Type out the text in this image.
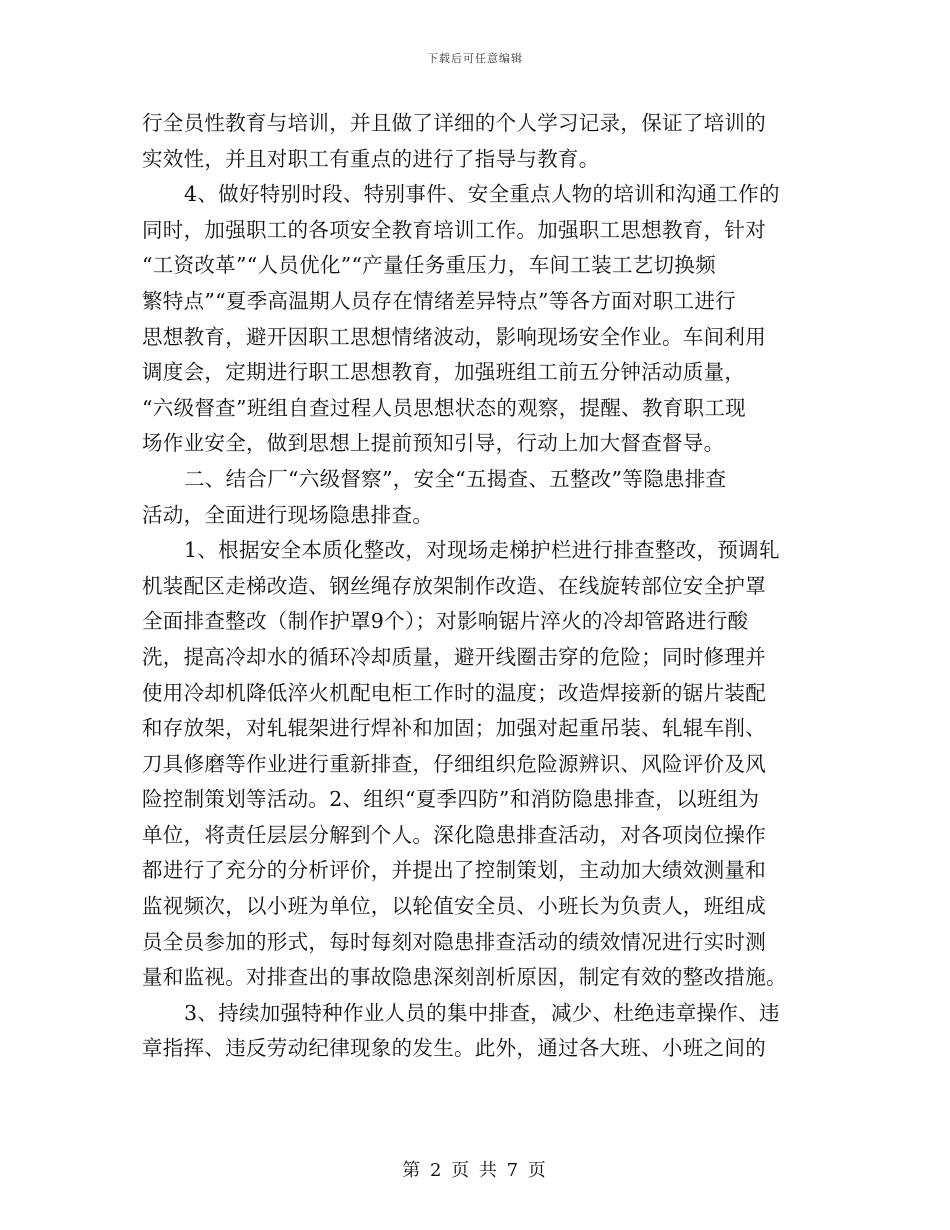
下载后可任意编辑

行全员性教育与培训，并且做了详细的个人学习记录，保证了培训的
实效性，并且对职工有重点的进行了指导与教育。

4、做好特别时段、特别事件、安全重点人物的培训和沟通工作的
同时，加强职工的各项安全教育培训工作。加强职工思想教育，针对
“工资改革”“人员优化”“产量任务重压力，车间工装工艺切换频
繁特点”“夏季高温期人员存在情绪差异特点”等各方面对职工进行
思想教育，避开因职工思想情绪波动，影响现场安全作业。车间利用
调度会，定期进行职工思想教育，加强班组工前五分钟活动质量，
“六级督查”班组自查过程人员思想状态的观察，提醒、教育职工现
场作业安全，做到思想上提前预知引导，行动上加大督查督导。

二、结合厂“六级督察”，安全“五揭查、五整改”等隐患排查
活动，全面进行现场隐患排查。

1、根据安全本质化整改，对现场走梯护栏进行排查整改，预调轧
机装配区走梯改造、钢丝绳存放架制作改造、在线旋转部位安全护罩
全面排查整改（制作护罩9个）；对影响锯片淬火的冷却管路进行酸
洗，提高冷却水的循环冷却质量，避开线圈击穿的危险；同时修理并
使用冷却机降低淬火机配电柜工作时的温度；改造焊接新的锯片装配
和存放架，对轧辊架进行焊补和加固；加强对起重吊装、轧辊车削、
刀具修磨等作业进行重新排查，仔细组织危险源辨识、风险评价及风
险控制策划等活动。2、组织“夏季四防”和消防隐患排查，以班组为
单位，将责任层层分解到个人。深化隐患排查活动，对各项岗位操作
都进行了充分的分析评价，并提出了控制策划，主动加大绩效测量和
监视频次，以小班为单位，以轮值安全员、小班长为负责人，班组成
员全员参加的形式，每时每刻对隐患排查活动的绩效情况进行实时测
量和监视。对排查出的事故隐患深刻剖析原因，制定有效的整改措施。

3、持续加强特种作业人员的集中排查，减少、杜绝违章操作、违
章指挥、违反劳动纪律现象的发生。此外，通过各大班、小班之间的

第 2 页 共 7 页
